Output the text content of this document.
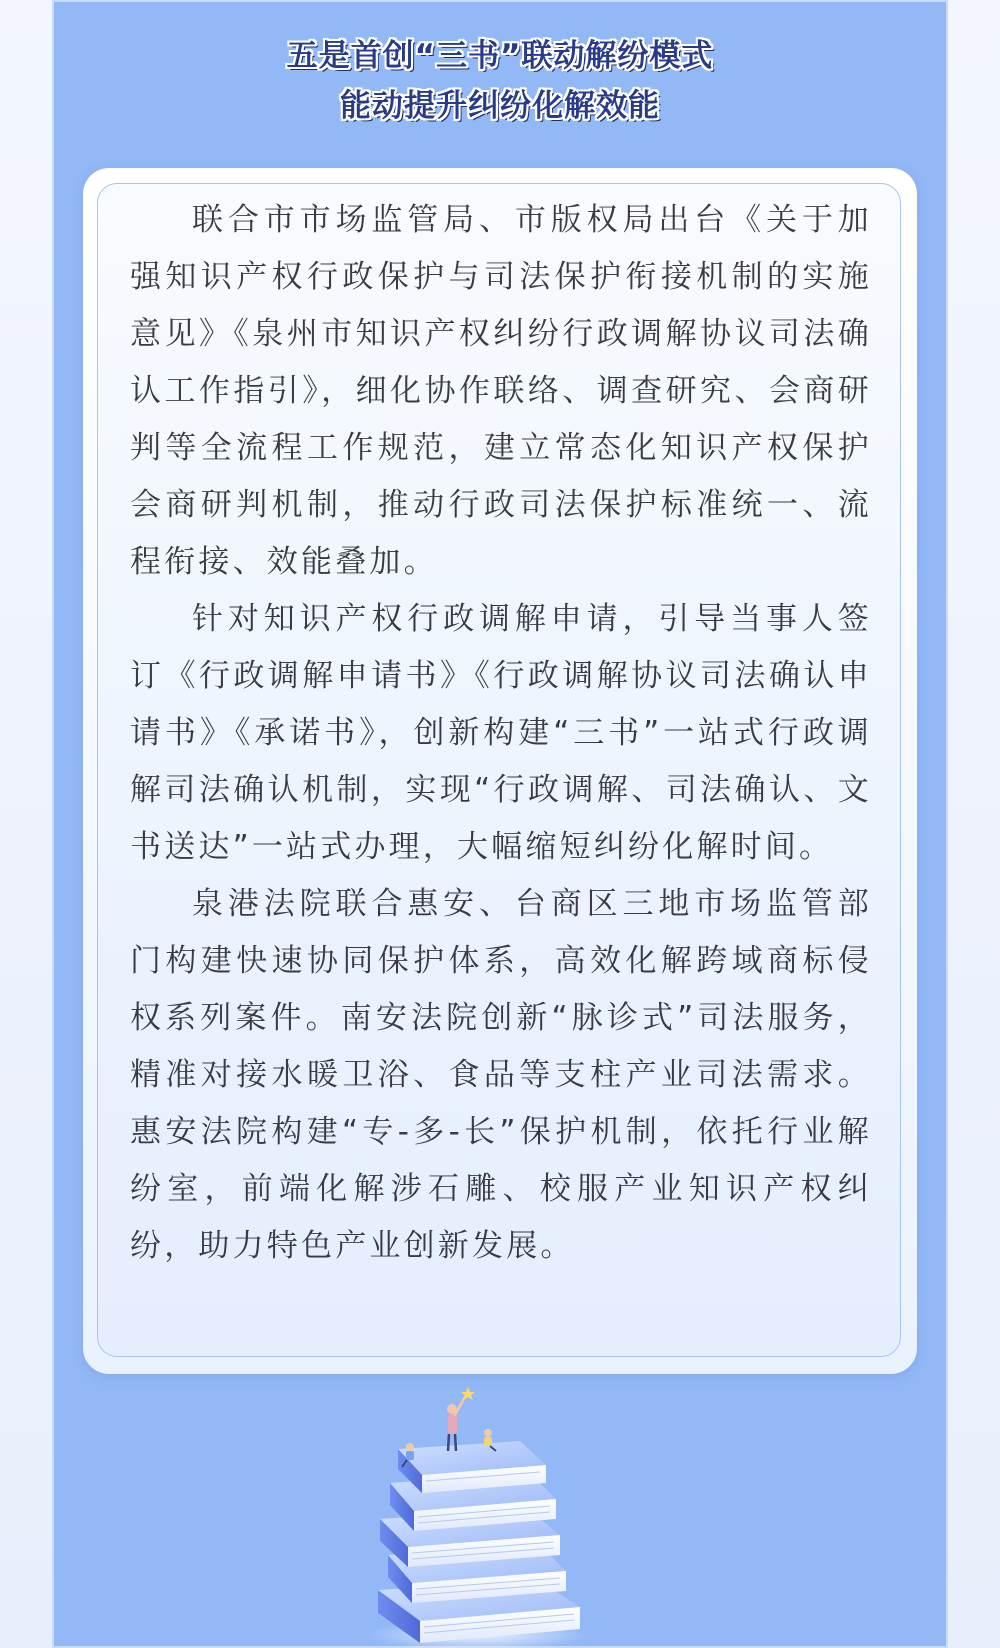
五是首创“三书”联动解纷模式
能动提升纠纷化解效能

联合市市场监管局、市版权局出台《关于加强知识产权行政保护与司法保护衔接机制的实施意见》《泉州市知识产权纠纷行政调解协议司法确认工作指引》，细化协作联络、调查研究、会商研判等全流程工作规范，建立常态化知识产权保护会商研判机制，推动行政司法保护标准统一、流程衔接、效能叠加。

针对知识产权行政调解申请，引导当事人签订《行政调解申请书》《行政调解协议司法确认申请书》《承诺书》，创新构建“三书”一站式行政调解司法确认机制，实现“行政调解、司法确认、文书送达”一站式办理，大幅缩短纠纷化解时间。

泉港法院联合惠安、台商区三地市场监管部门构建快速协同保护体系，高效化解跨域商标侵权系列案件。南安法院创新“脉诊式”司法服务，精准对接水暖卫浴、食品等支柱产业司法需求。惠安法院构建“专-多-长”保护机制，依托行业解纷室，前端化解涉石雕、校服产业知识产权纠纷，助力特色产业创新发展。
